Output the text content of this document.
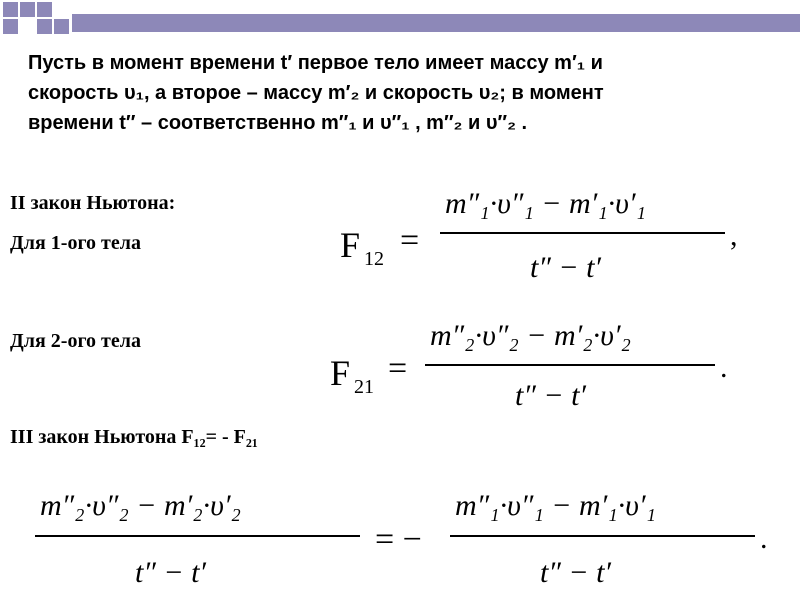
Пусть в момент времени t′ первое тело имеет массу m′₁ и
скорость υ₁, а второе – массу m′₂ и скорость υ₂; в момент
времени t″ – соответственно m″₁ и υ″₁ , m″₂ и υ″₂ .
II закон Ньютона:
Для 1-ого тела
Для 2-ого тела
III закон Ньютона F₁₂= - F₂₁
F 12 =
m″₁·υ″₁ − m′₁·υ′₁
t″ − t′
,
F 21 =
m″₂·υ″₂ − m′₂·υ′₂
t″ − t′
.
m″₂·υ″₂ − m′₂·υ′₂
t″ − t′
= −
m″₁·υ″₁ − m′₁·υ′₁
t″ − t′
.
